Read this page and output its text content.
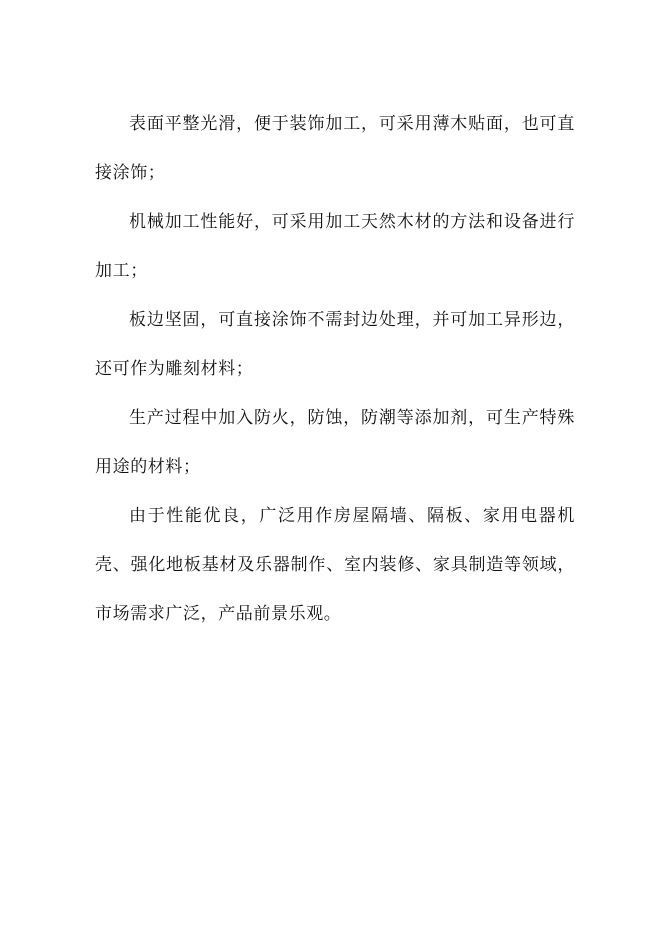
表面平整光滑，便于装饰加工，可采用薄木贴面，也可直接涂饰；

机械加工性能好，可采用加工天然木材的方法和设备进行加工；

板边坚固，可直接涂饰不需封边处理，并可加工异形边，还可作为雕刻材料；

生产过程中加入防火，防蚀，防潮等添加剂，可生产特殊用途的材料；

由于性能优良，广泛用作房屋隔墙、隔板、家用电器机壳、强化地板基材及乐器制作、室内装修、家具制造等领域，市场需求广泛，产品前景乐观。
